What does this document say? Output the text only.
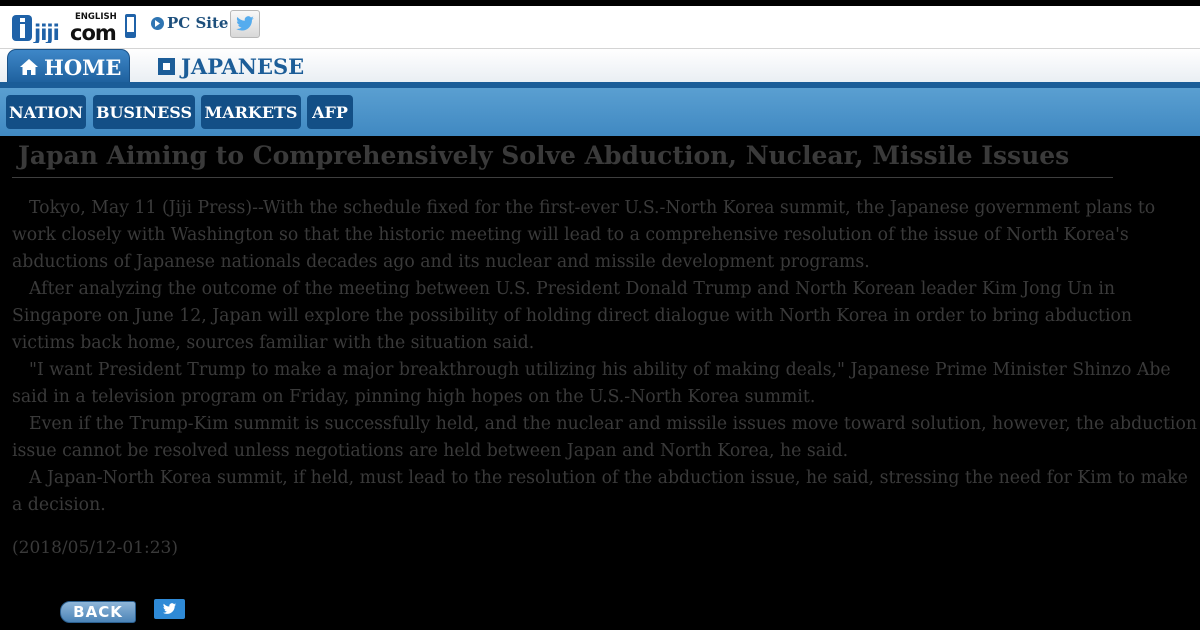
jiji com
ENGLISH	PC Site
HOME	JAPANESE
NATION BUSINESS MARKETS AFP
Japan Aiming to Comprehensively Solve Abduction, Nuclear, Missile Issues

Tokyo, May 11 (Jiji Press)--With the schedule fixed for the first-ever U.S.-North Korea summit, the Japanese government plans to work closely with Washington so that the historic meeting will lead to a comprehensive resolution of the issue of North Korea's abductions of Japanese nationals decades ago and its nuclear and missile development programs.

After analyzing the outcome of the meeting between U.S. President Donald Trump and North Korean leader Kim Jong Un in Singapore on June 12, Japan will explore the possibility of holding direct dialogue with North Korea in order to bring abduction victims back home, sources familiar with the situation said.

"I want President Trump to make a major breakthrough utilizing his ability of making deals," Japanese Prime Minister Shinzo Abe said in a television program on Friday, pinning high hopes on the U.S.-North Korea summit.

Even if the Trump-Kim summit is successfully held, and the nuclear and missile issues move toward solution, however, the abduction issue cannot be resolved unless negotiations are held between Japan and North Korea, he said.

A Japan-North Korea summit, if held, must lead to the resolution of the abduction issue, he said, stressing the need for Kim to make a decision.

(2018/05/12-01:23)
BACK
